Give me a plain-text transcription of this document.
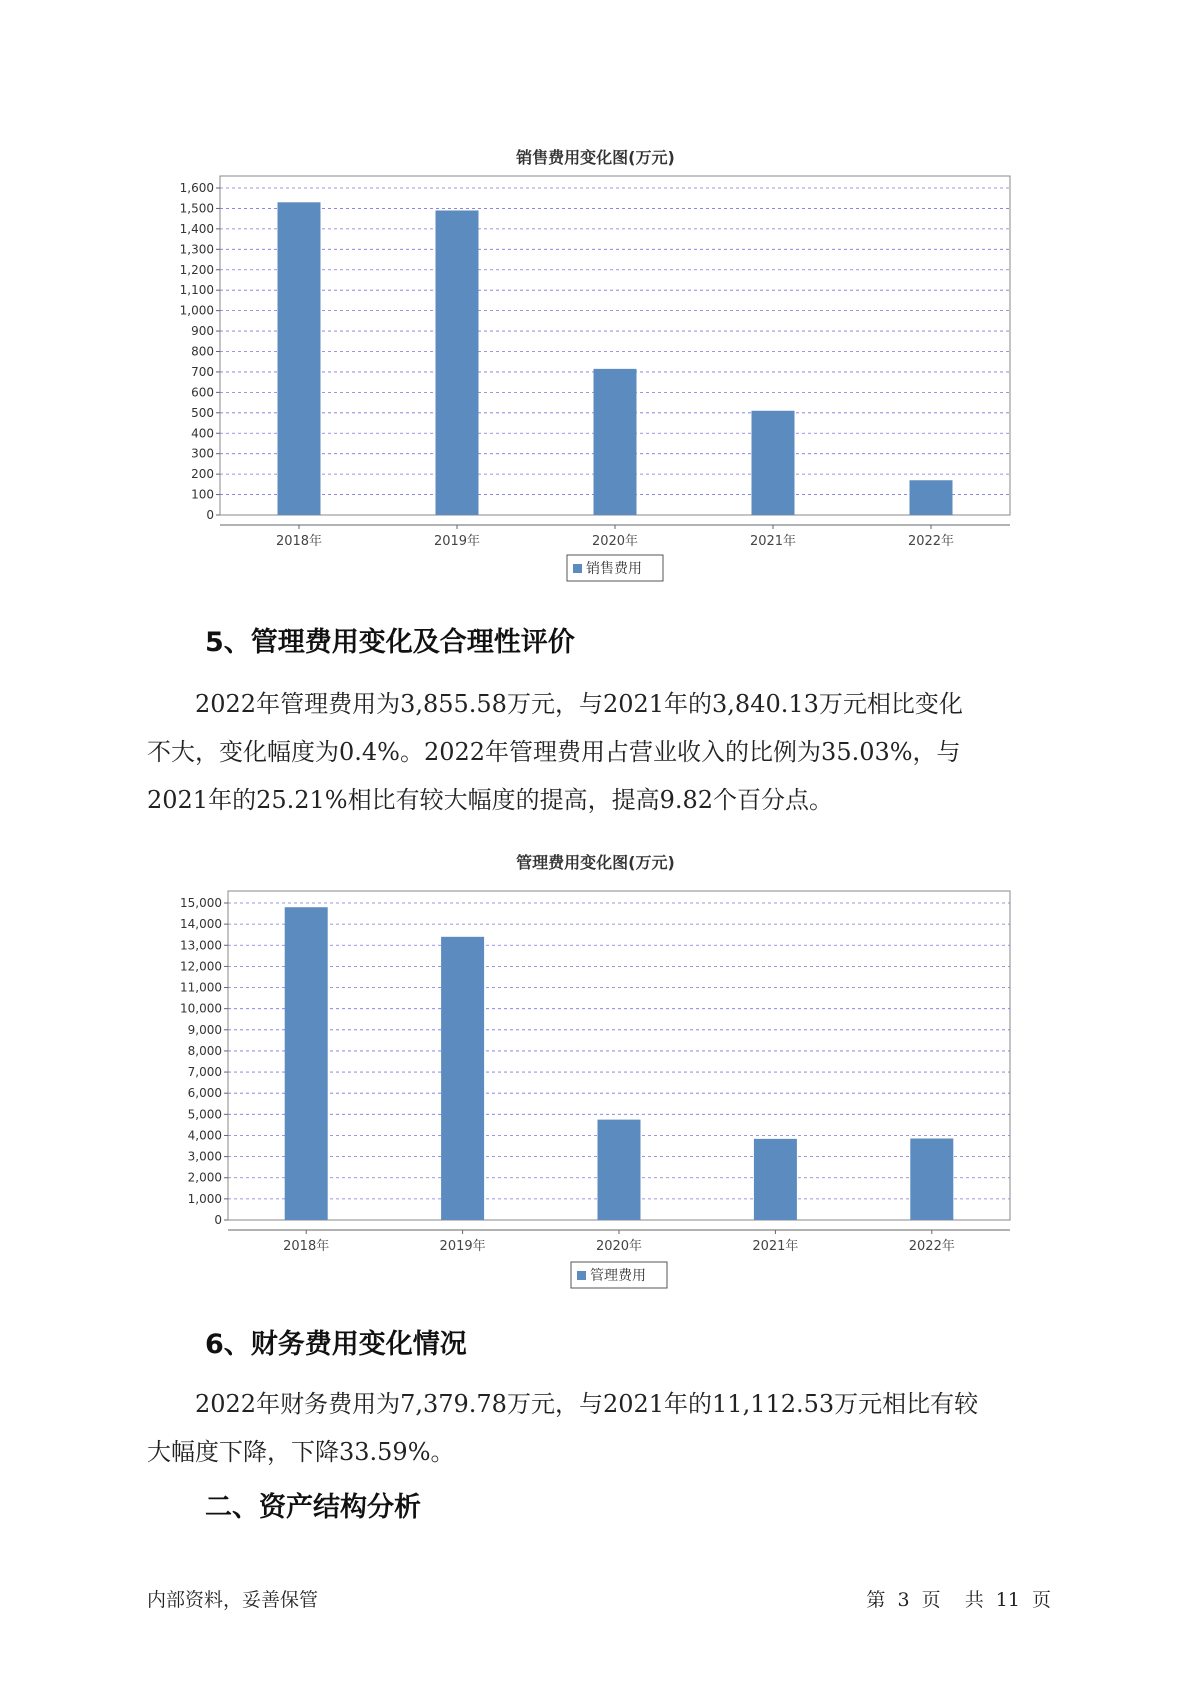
销售费用变化图(万元)
0
100
200
300
400
500
600
700
800
900
1,000
1,100
1,200
1,300
1,400
1,500
1,600
2018年	2019年	2020年	2021年	2022年
销售费用
5、管理费用变化及合理性评价
　　2022年管理费用为3,855.58万元，与2021年的3,840.13万元相比变化
不大，变化幅度为0.4%。2022年管理费用占营业收入的比例为35.03%，与
2021年的25.21%相比有较大幅度的提高，提高9.82个百分点。
管理费用变化图(万元)
0
1,000
2,000
3,000
4,000
5,000
6,000
7,000
8,000
9,000
10,000
11,000
12,000
13,000
14,000
15,000
2018年	2019年	2020年	2021年	2022年
管理费用
6、财务费用变化情况
　　2022年财务费用为7,379.78万元，与2021年的11,112.53万元相比有较
大幅度下降，下降33.59%。
二、资产结构分析
内部资料，妥善保管	第 3 页 共 11 页
